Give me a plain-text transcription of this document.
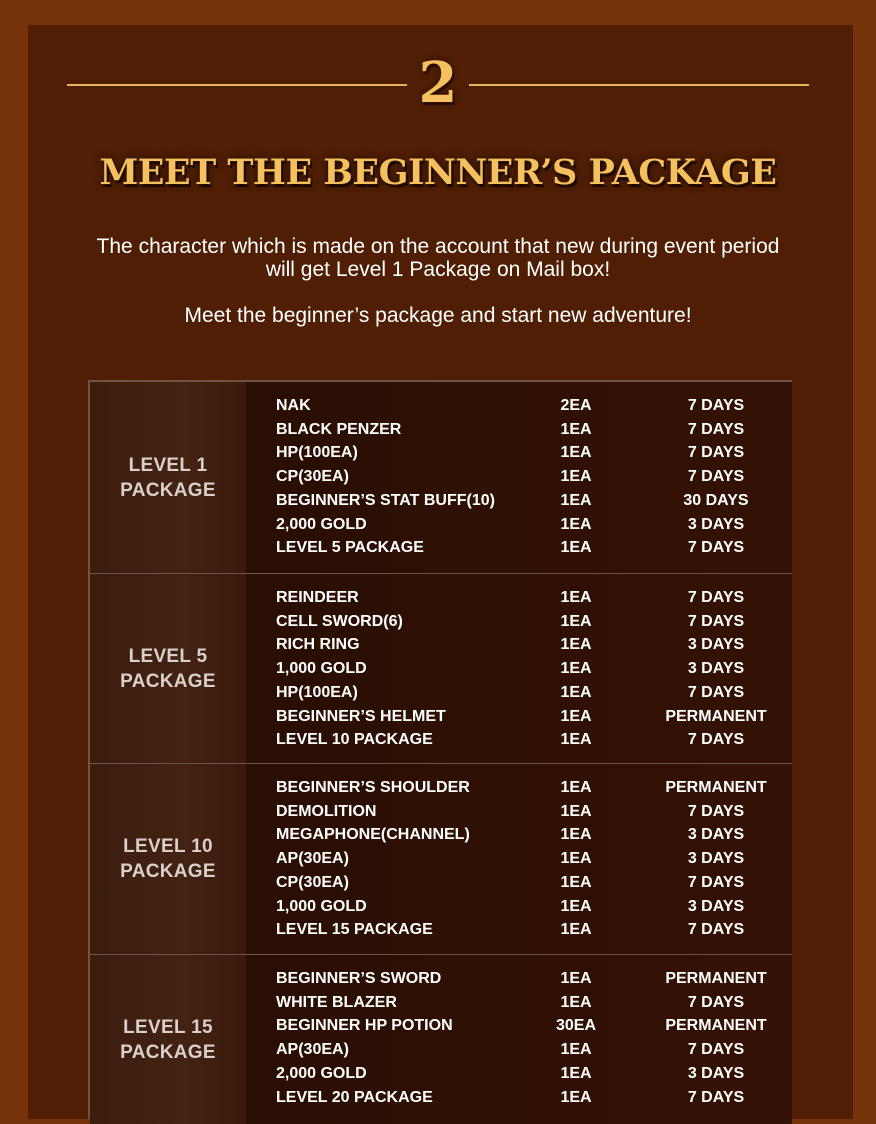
2
MEET THE BEGINNER’S PACKAGE
The character which is made on the account that new during event period
will get Level 1 Package on Mail box!
Meet the beginner’s package and start new adventure!
LEVEL 1
PACKAGE
NAK	2EA	7 DAYS
BLACK PENZER	1EA	7 DAYS
HP(100EA)	1EA	7 DAYS
CP(30EA)	1EA	7 DAYS
BEGINNER’S STAT BUFF(10)	1EA	30 DAYS
2,000 GOLD	1EA	3 DAYS
LEVEL 5 PACKAGE	1EA	7 DAYS
LEVEL 5
PACKAGE
REINDEER	1EA	7 DAYS
CELL SWORD(6)	1EA	7 DAYS
RICH RING	1EA	3 DAYS
1,000 GOLD	1EA	3 DAYS
HP(100EA)	1EA	7 DAYS
BEGINNER’S HELMET	1EA	PERMANENT
LEVEL 10 PACKAGE	1EA	7 DAYS
LEVEL 10
PACKAGE
BEGINNER’S SHOULDER	1EA	PERMANENT
DEMOLITION	1EA	7 DAYS
MEGAPHONE(CHANNEL)	1EA	3 DAYS
AP(30EA)	1EA	3 DAYS
CP(30EA)	1EA	7 DAYS
1,000 GOLD	1EA	3 DAYS
LEVEL 15 PACKAGE	1EA	7 DAYS
LEVEL 15
PACKAGE
BEGINNER’S SWORD	1EA	PERMANENT
WHITE BLAZER	1EA	7 DAYS
BEGINNER HP POTION	30EA	PERMANENT
AP(30EA)	1EA	7 DAYS
2,000 GOLD	1EA	3 DAYS
LEVEL 20 PACKAGE	1EA	7 DAYS
